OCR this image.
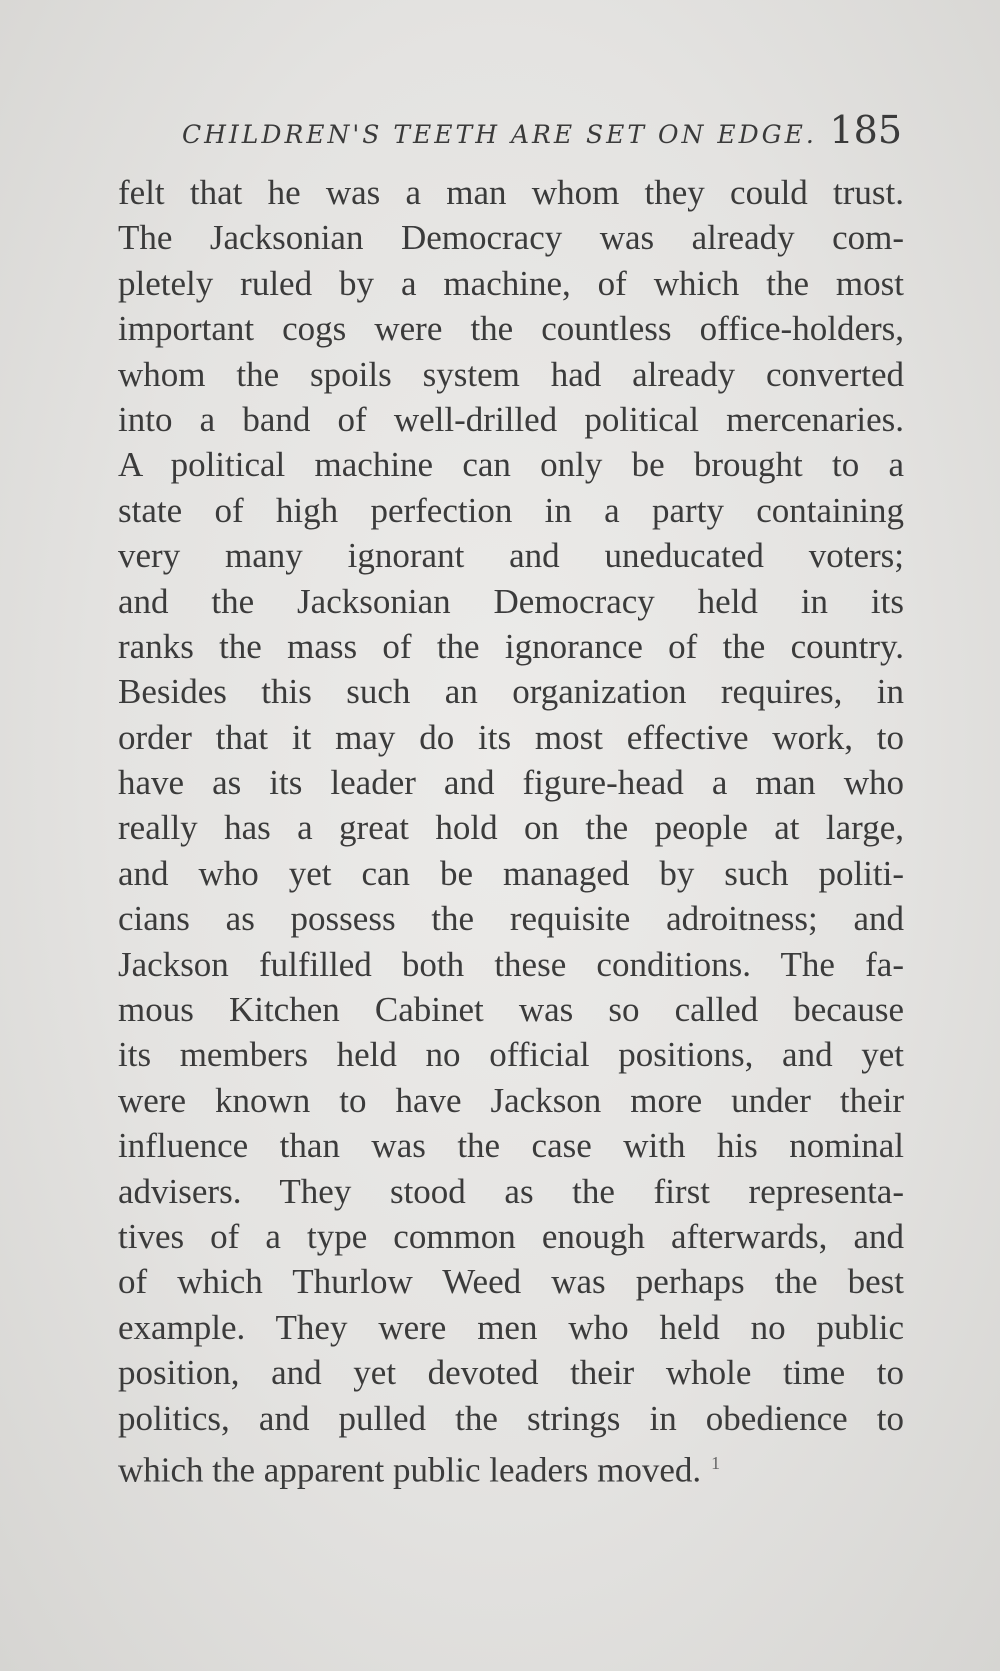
CHILDREN'S TEETH ARE SET ON EDGE. 185
felt that he was a man whom they could trust.
The Jacksonian Democracy was already com-
pletely ruled by a machine, of which the most
important cogs were the countless office-holders,
whom the spoils system had already converted
into a band of well-drilled political mercenaries.
A political machine can only be brought to a
state of high perfection in a party containing
very many ignorant and uneducated voters;
and the Jacksonian Democracy held in its
ranks the mass of the ignorance of the country.
Besides this such an organization requires, in
order that it may do its most effective work, to
have as its leader and figure-head a man who
really has a great hold on the people at large,
and who yet can be managed by such politi-
cians as possess the requisite adroitness; and
Jackson fulfilled both these conditions. The fa-
mous Kitchen Cabinet was so called because
its members held no official positions, and yet
were known to have Jackson more under their
influence than was the case with his nominal
advisers. They stood as the first representa-
tives of a type common enough afterwards, and
of which Thurlow Weed was perhaps the best
example. They were men who held no public
position, and yet devoted their whole time to
politics, and pulled the strings in obedience to
which the apparent public leaders moved. $^1$
